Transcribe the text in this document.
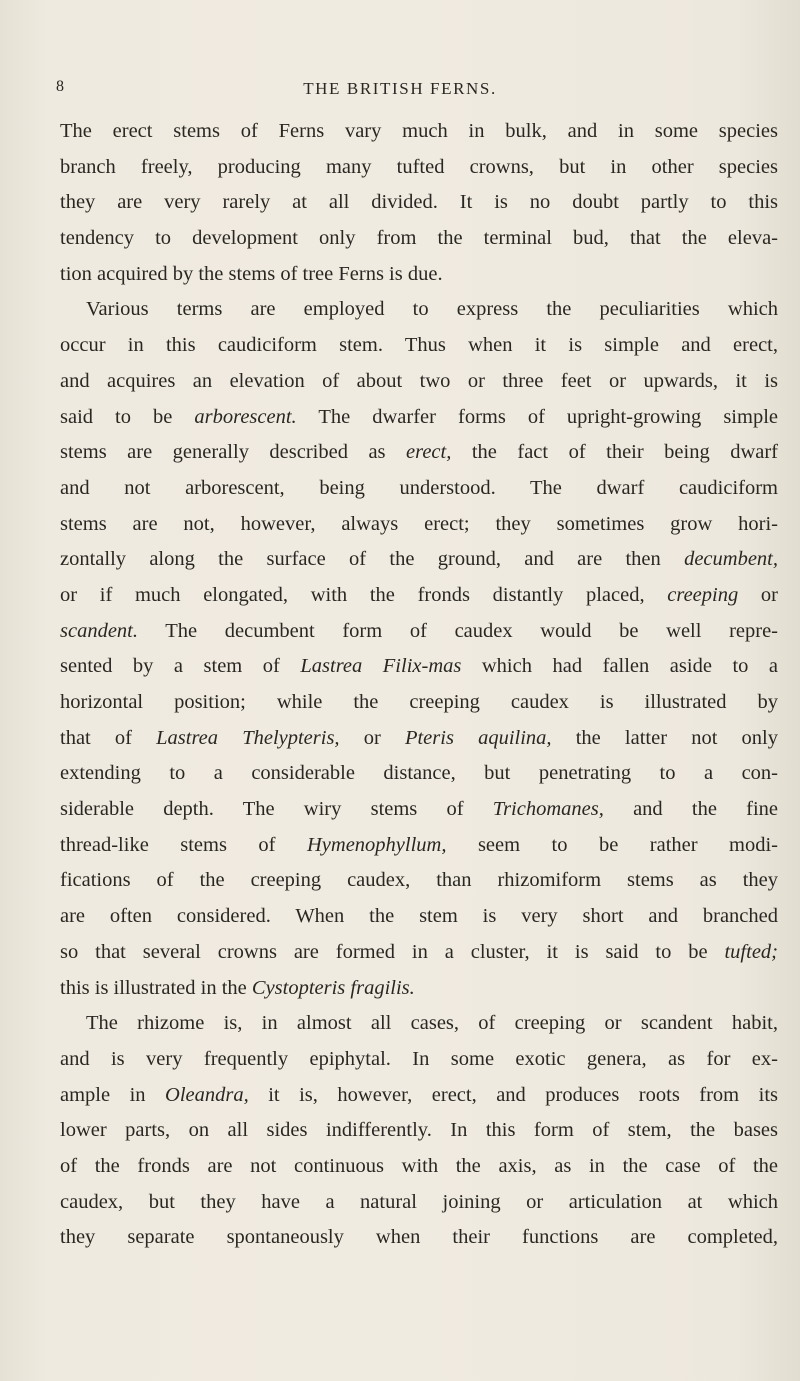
8	THE BRITISH FERNS.
The erect stems of Ferns vary much in bulk, and in some species
branch freely, producing many tufted crowns, but in other species
they are very rarely at all divided. It is no doubt partly to this
tendency to development only from the terminal bud, that the eleva-
tion acquired by the stems of tree Ferns is due.
Various terms are employed to express the peculiarities which
occur in this caudiciform stem. Thus when it is simple and erect,
and acquires an elevation of about two or three feet or upwards, it is
said to be arborescent. The dwarfer forms of upright-growing simple
stems are generally described as erect, the fact of their being dwarf
and not arborescent, being understood. The dwarf caudiciform
stems are not, however, always erect; they sometimes grow hori-
zontally along the surface of the ground, and are then decumbent,
or if much elongated, with the fronds distantly placed, creeping or
scandent. The decumbent form of caudex would be well repre-
sented by a stem of Lastrea Filix-mas which had fallen aside to a
horizontal position; while the creeping caudex is illustrated by
that of Lastrea Thelypteris, or Pteris aquilina, the latter not only
extending to a considerable distance, but penetrating to a con-
siderable depth. The wiry stems of Trichomanes, and the fine
thread-like stems of Hymenophyllum, seem to be rather modi-
fications of the creeping caudex, than rhizomiform stems as they
are often considered. When the stem is very short and branched
so that several crowns are formed in a cluster, it is said to be tufted;
this is illustrated in the Cystopteris fragilis.
The rhizome is, in almost all cases, of creeping or scandent habit,
and is very frequently epiphytal. In some exotic genera, as for ex-
ample in Oleandra, it is, however, erect, and produces roots from its
lower parts, on all sides indifferently. In this form of stem, the bases
of the fronds are not continuous with the axis, as in the case of the
caudex, but they have a natural joining or articulation at which
they separate spontaneously when their functions are completed,
